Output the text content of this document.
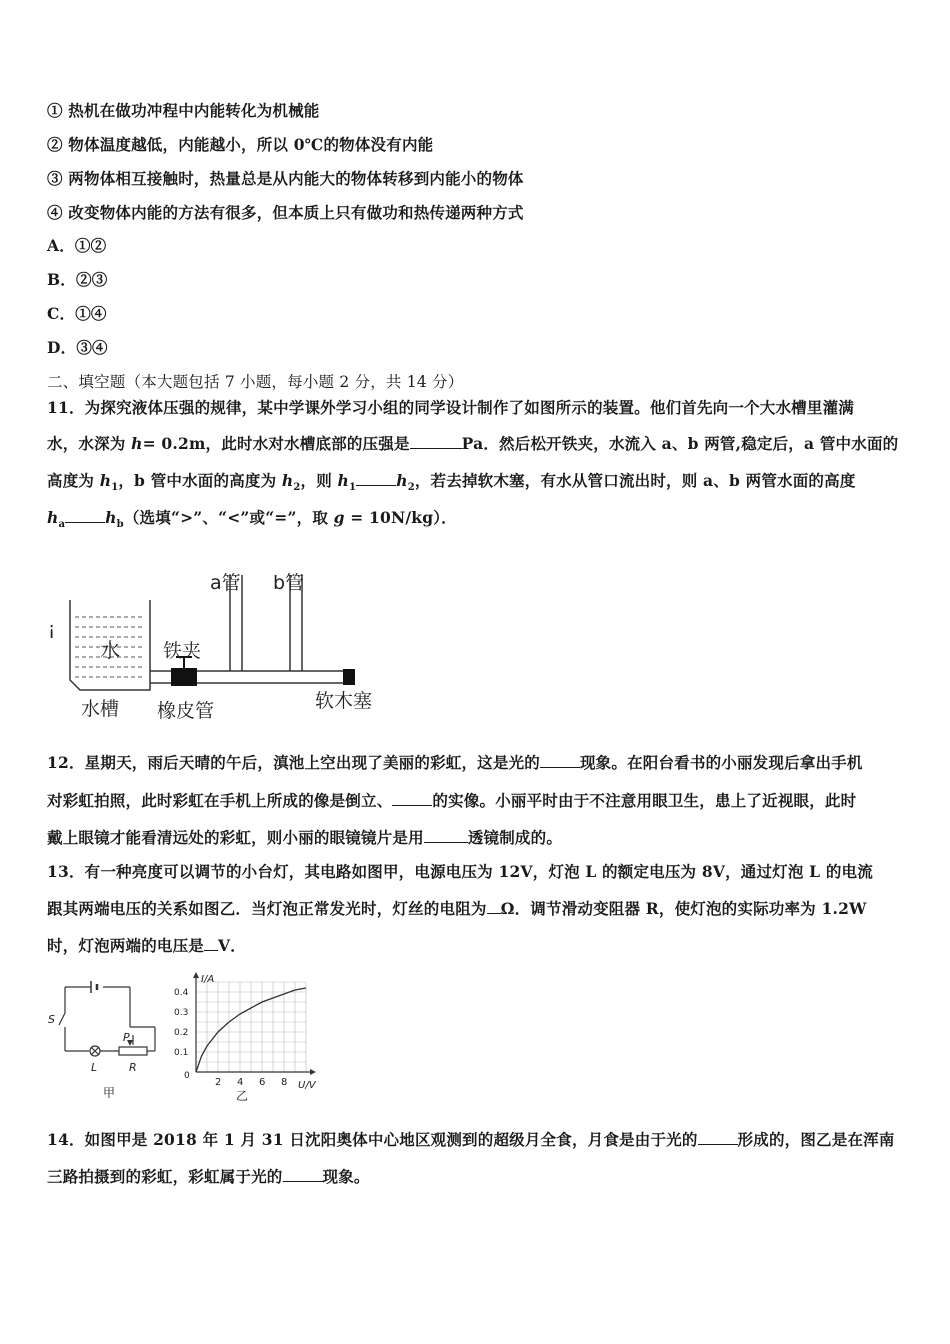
① 热机在做功冲程中内能转化为机械能
② 物体温度越低，内能越小，所以 0℃的物体没有内能
③ 两物体相互接触时，热量总是从内能大的物体转移到内能小的物体
④ 改变物体内能的方法有很多，但本质上只有做功和热传递两种方式
A．①②
B．②③
C．①④
D．③④
二、填空题（本大题包括 7 小题，每小题 2 分，共 14 分）
11．为探究液体压强的规律，某中学课外学习小组的同学设计制作了如图所示的装置。他们首先向一个大水槽里灌满
水，水深为 h= 0.2m，此时水对水槽底部的压强是	Pa．然后松开铁夹，水流入 a、b 两管,稳定后，a 管中水面的
高度为 $h_1$，b 管中水面的高度为 $h_2$，则 $h_1$	$h_2$，若去掉软木塞，有水从管口流出时，则 a、b 两管水面的高度
$h_a$	$h_b$（选填“>”、“<”或“=”，取 g = 10N/kg）．
¡
a管 b管
水 铁夹
水槽 橡皮管	软木塞
12．星期天，雨后天晴的午后，滇池上空出现了美丽的彩虹，这是光的	现象。在阳台看书的小丽发现后拿出手机
对彩虹拍照，此时彩虹在手机上所成的像是倒立、	的实像。小丽平时由于不注意用眼卫生，患上了近视眼，此时
戴上眼镜才能看清远处的彩虹，则小丽的眼镜镜片是用	透镜制成的。
13．有一种亮度可以调节的小台灯，其电路如图甲，电源电压为 12V，灯泡 L 的额定电压为 8V，通过灯泡 L 的电流
跟其两端电压的关系如图乙．当灯泡正常发光时，灯丝的电阻为 Ω．调节滑动变阻器 R，使灯泡的实际功率为 1.2W
时，灯泡两端的电压是 V．
S
P
L	R
甲
2 4 6 8
0.1
0.2
0.3
0.4
I/A
U/V
0
乙
14．如图甲是 2018 年 1 月 31 日沈阳奥体中心地区观测到的超级月全食，月食是由于光的	形成的，图乙是在浑南
三路拍摄到的彩虹，彩虹属于光的	现象。
